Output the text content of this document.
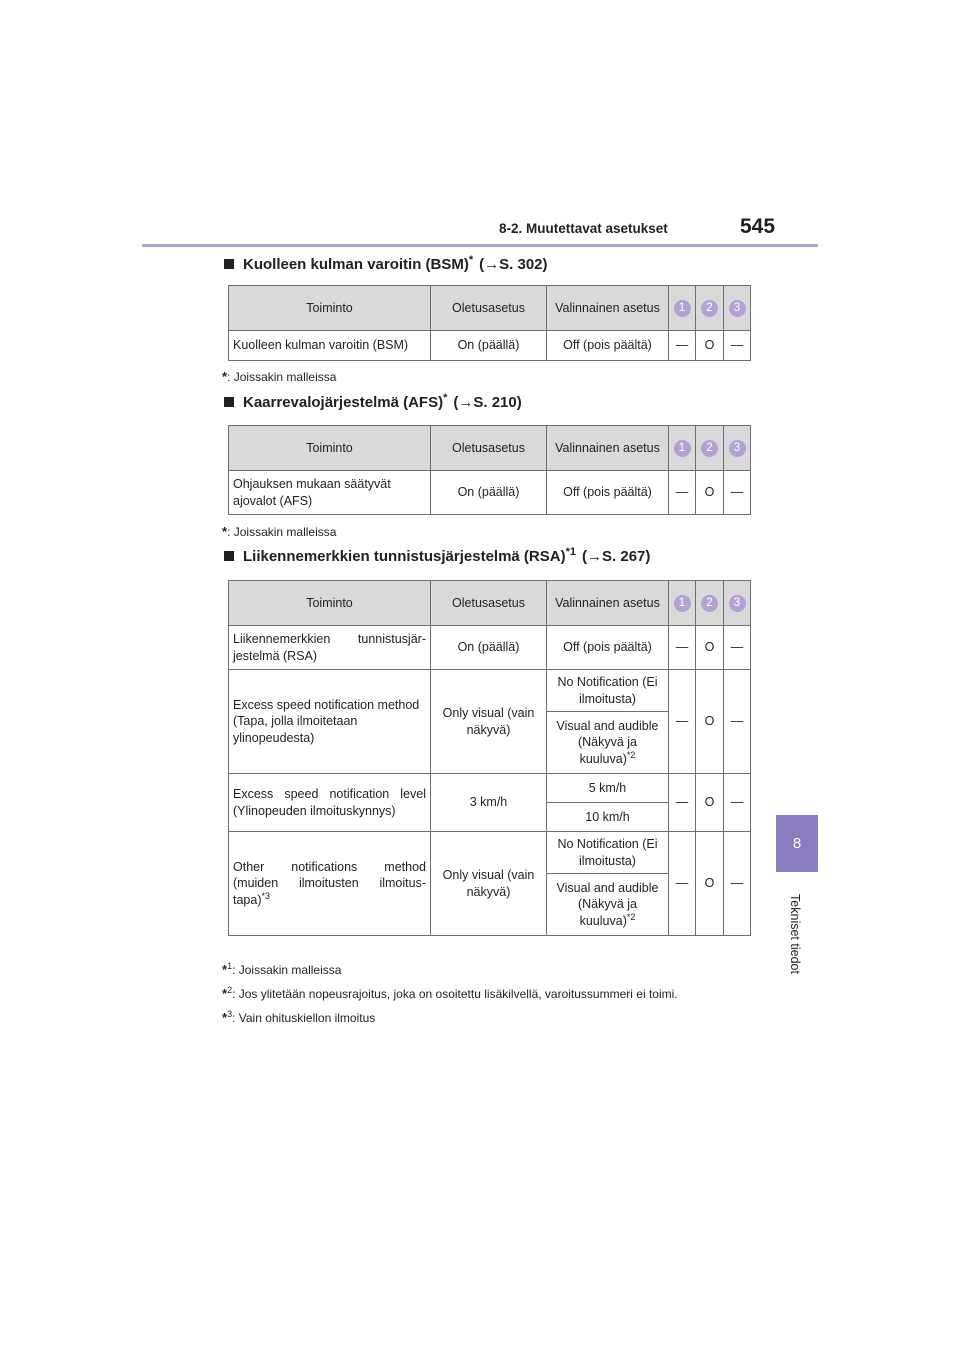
8-2. Muutettavat asetukset	545
8
Tekniset tiedot
Kuolleen kulman varoitin (BSM)* (→S. 302)
Toiminto	Oletusasetus	Valinnainen asetus	1	2	3
Kuolleen kulman varoitin (BSM)	On (päällä)	Off (pois päältä)	—	O	—
*: Joissakin malleissa
Kaarrevalojärjestelmä (AFS)* (→S. 210)
Toiminto	Oletusasetus	Valinnainen asetus	1	2	3
Ohjauksen mukaan säätyvät ajovalot (AFS)	On (päällä)	Off (pois päältä)	—	O	—
*: Joissakin malleissa
Liikennemerkkien tunnistusjärjestelmä (RSA)$^{*1}$ (→S. 267)
Toiminto	Oletusasetus	Valinnainen asetus	1	2	3
Liikennemerkkien tunnistusjär-jestelmä (RSA)	On (päällä)	Off (pois päältä)	—	O	—
Excess speed notification method (Tapa, jolla ilmoitetaan ylinopeudesta)	Only visual (vain näkyvä)	No Notification (Ei ilmoitusta)	—	O	—
		Visual and audible (Näkyvä ja kuuluva)$^{*2}$
Excess speed notification level (Ylinopeuden ilmoituskynnys)	3 km/h	5 km/h	—	O	—
		10 km/h			
Other notifications method (muiden ilmoitusten ilmoitus-tapa)$^{*3}$	Only visual (vain näkyvä)	No Notification (Ei ilmoitusta)	—	O	—
		Visual and audible (Näkyvä ja kuuluva)$^{*2}$
*$^1$: Joissakin malleissa
*$^2$: Jos ylitetään nopeusrajoitus, joka on osoitettu lisäkilvellä, varoitussummeri ei toimi.
*$^3$: Vain ohituskiellon ilmoitus
